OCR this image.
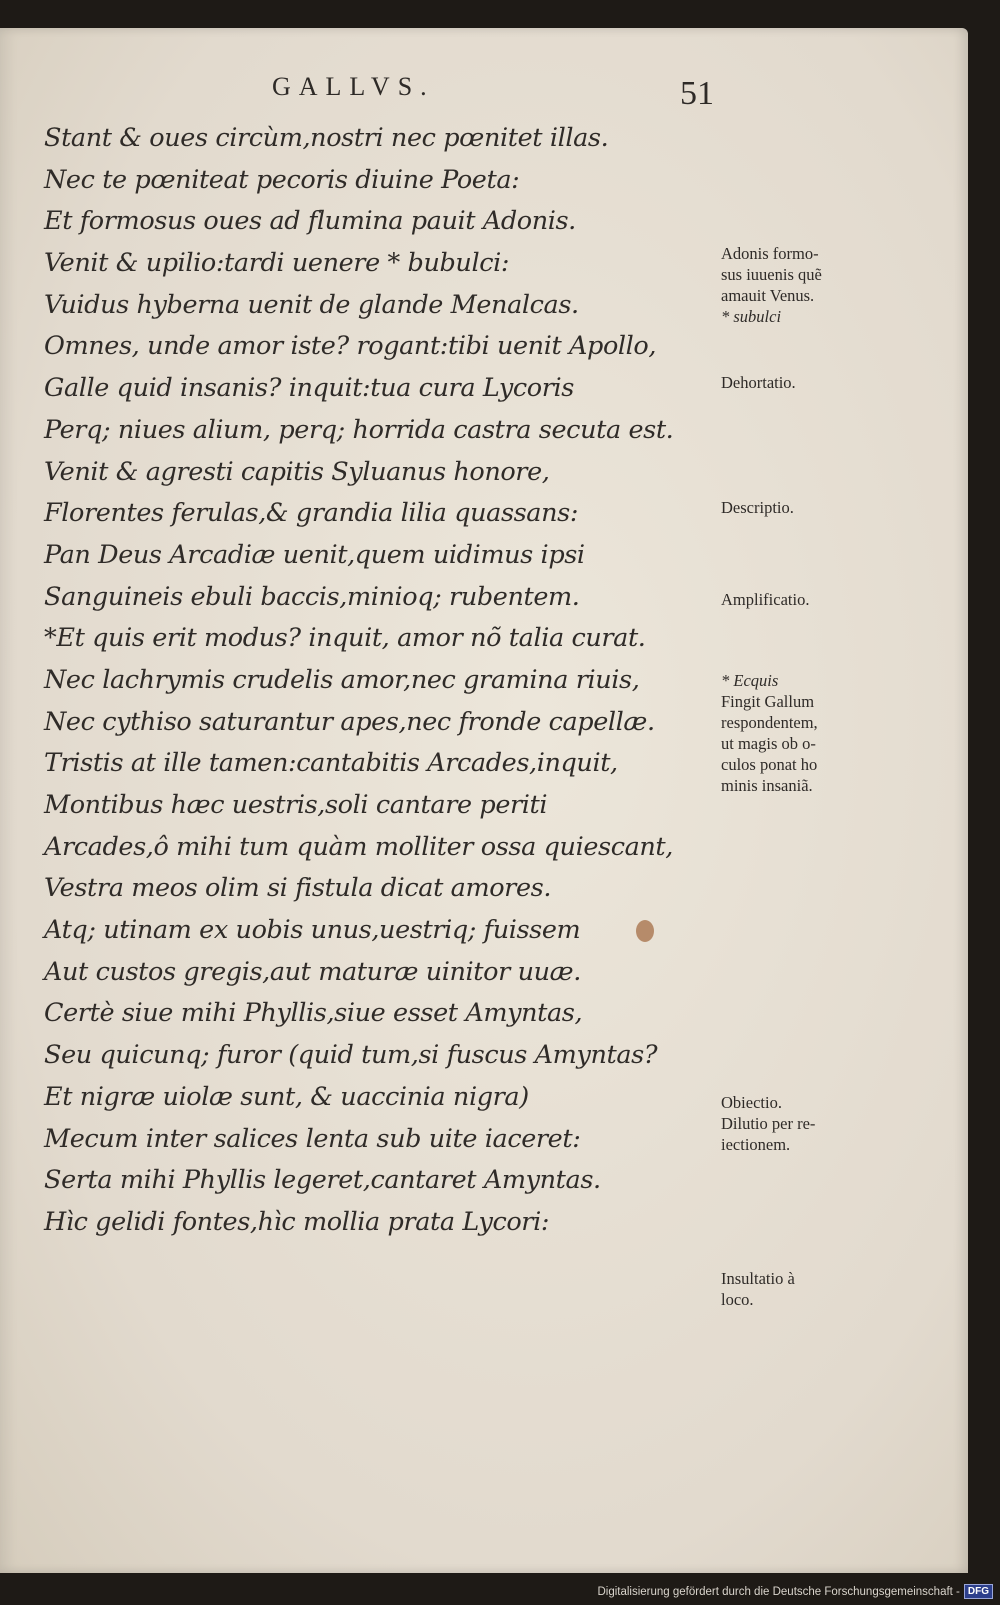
GALLVS.	51
Stant & oues circùm,nostri nec pœnitet illas.
Nec te pœniteat pecoris diuine Poeta:
Et formosus oues ad flumina pauit Adonis.
Venit & upilio:tardi uenere * bubulci:
Vuidus hyberna uenit de glande Menalcas.
Omnes, unde amor iste? rogant:tibi uenit Apollo,
Galle quid insanis? inquit:tua cura Lycoris
Perq; niues alium, perq; horrida castra secuta est.
Venit & agresti capitis Syluanus honore,
Florentes ferulas,& grandia lilia quassans:
Pan Deus Arcadiæ uenit,quem uidimus ipsi
Sanguineis ebuli baccis,minioq; rubentem.
*Et quis erit modus? inquit, amor nõ talia curat.
Nec lachrymis crudelis amor,nec gramina riuis,
Nec cythiso saturantur apes,nec fronde capellæ.
Tristis at ille tamen:cantabitis Arcades,inquit,
Montibus hæc uestris,soli cantare periti
Arcades,ô mihi tum quàm molliter ossa quiescant,
Vestra meos olim si fistula dicat amores.
Atq; utinam ex uobis unus,uestriq; fuissem
Aut custos gregis,aut maturæ uinitor uuæ.
Certè siue mihi Phyllis,siue esset Amyntas,
Seu quicunq; furor (quid tum,si fuscus Amyntas?
Et nigræ uiolæ sunt, & uaccinia nigra)
Mecum inter salices lenta sub uite iaceret:
Serta mihi Phyllis legeret,cantaret Amyntas.
Hìc gelidi fontes,hìc mollia prata Lycori:
Adonis formo-
sus iuuenis quẽ
amauit Venus.
* subulci
Dehortatio.
Descriptio.
Amplificatio.
* Ecquis
Fingit Gallum
respondentem,
ut magis ob o-
culos ponat ho
minis insaniã.
Obiectio.
Dilutio per re-
iectionem.
Insultatio à
loco.
Digitalisierung gefördert durch die Deutsche Forschungsgemeinschaft - DFG
